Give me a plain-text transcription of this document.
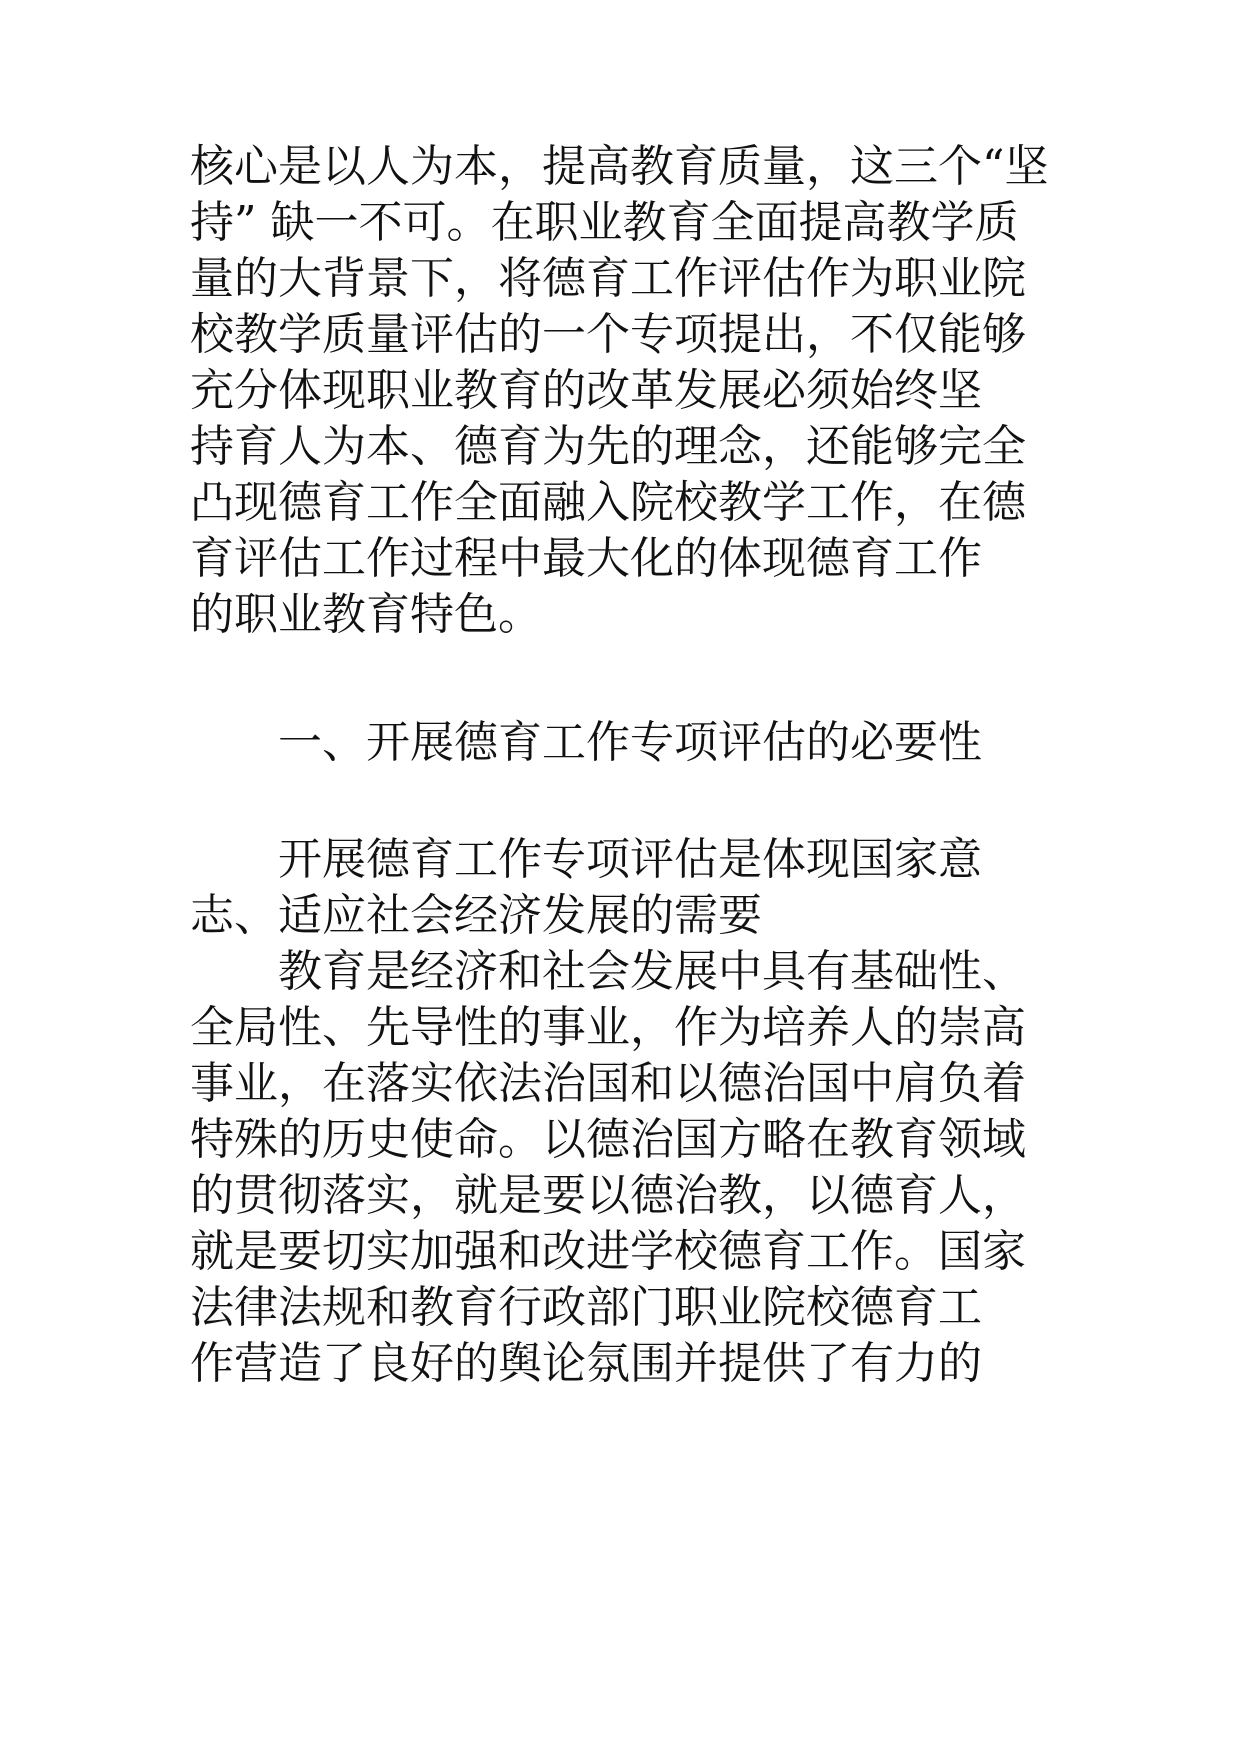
核心是以人为本，提高教育质量，这三个“坚
持” 缺一不可。在职业教育全面提高教学质
量的大背景下，将德育工作评估作为职业院
校教学质量评估的一个专项提出，不仅能够
充分体现职业教育的改革发展必须始终坚
持育人为本、德育为先的理念，还能够完全
凸现德育工作全面融入院校教学工作，在德
育评估工作过程中最大化的体现德育工作
的职业教育特色。
一、开展德育工作专项评估的必要性
开展德育工作专项评估是体现国家意
志、适应社会经济发展的需要
教育是经济和社会发展中具有基础性、
全局性、先导性的事业，作为培养人的崇高
事业，在落实依法治国和以德治国中肩负着
特殊的历史使命。以德治国方略在教育领域
的贯彻落实，就是要以德治教，以德育人，
就是要切实加强和改进学校德育工作。国家
法律法规和教育行政部门职业院校德育工
作营造了良好的舆论氛围并提供了有力的
